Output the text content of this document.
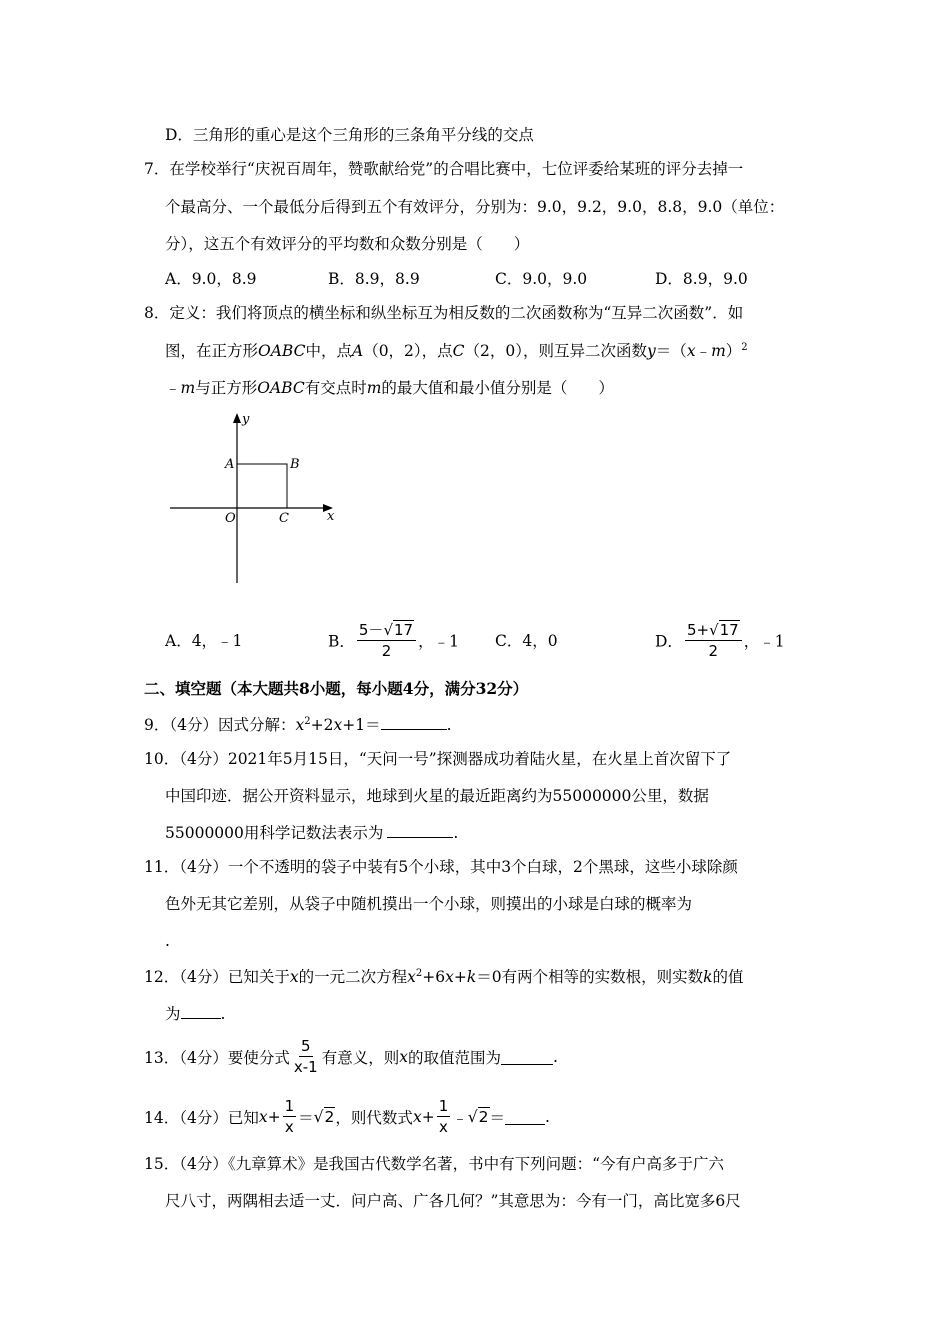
D．三角形的重心是这个三角形的三条角平分线的交点
7．在学校举行“庆祝百周年，赞歌献给党”的合唱比赛中，七位评委给某班的评分去掉一
个最高分、一个最低分后得到五个有效评分，分别为：9.0，9.2，9.0，8.8，9.0（单位：
分），这五个有效评分的平均数和众数分别是（　　）
A．9.0，8.9	B．8.9，8.9	C．9.0，9.0	D．8.9，9.0
8．定义：我们将顶点的横坐标和纵坐标互为相反数的二次函数称为“互异二次函数”．如
图，在正方形OABC中，点A（0，2），点C（2，0），则互异二次函数y＝（x﹣m）$^2$
﹣m与正方形OABC有交点时m的最大值和最小值分别是（　　）
y
x
A	B
O	C
A．4，﹣1	B． $\frac{5-√17}{2}$ ，﹣1 C．4，0	D． $\frac{5+√17}{2}$ ，﹣1
二、填空题（本大题共8小题，每小题4分，满分32分）
9．（4分）因式分解：$x^2+2x+1=$	.
10．（4分）2021年5月15日，“天问一号”探测器成功着陆火星，在火星上首次留下了
中国印迹．据公开资料显示，地球到火星的最近距离约为55000000公里，数据
55000000用科学记数法表示为	.
11．（4分）一个不透明的袋子中装有5个小球，其中3个白球，2个黑球，这些小球除颜
色外无其它差别，从袋子中随机摸出一个小球，则摸出的小球是白球的概率为
.
12．（4分）已知关于x的一元二次方程$x^2+6x+k=0$有两个相等的实数根，则实数k的值
为	.
13．（4分）要使分式 $\frac{5}{x-1}$ 有意义，则 x 的取值范围为	.
14．（4分）已知 $x + \frac{1}{x} = √2$ ，则代数式 $x + \frac{1}{x}$ ﹣ √2 ＝	.
15．（4分）《九章算术》是我国古代数学名著，书中有下列问题：“今有户高多于广六
尺八寸，两隅相去适一丈．问户高、广各几何？”其意思为：今有一门，高比宽多6尺
